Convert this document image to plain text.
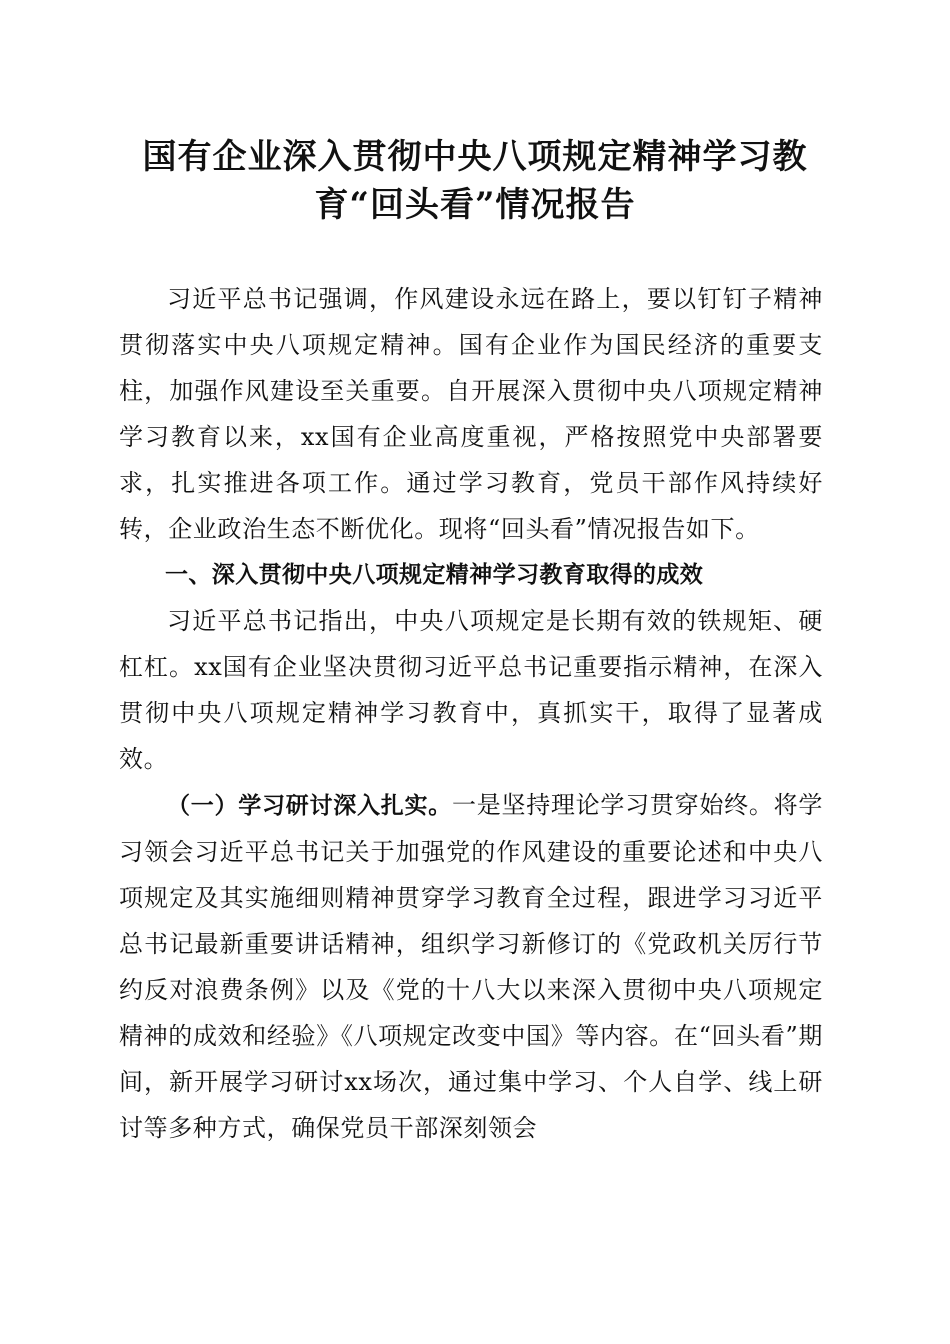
国有企业深入贯彻中央八项规定精神学习教
育“回头看”情况报告

习近平总书记强调，作风建设永远在路上，要以钉钉子精神贯彻落实中央八项规定精神。国有企业作为国民经济的重要支柱，加强作风建设至关重要。自开展深入贯彻中央八项规定精神学习教育以来，xx国有企业高度重视，严格按照党中央部署要求，扎实推进各项工作。通过学习教育，党员干部作风持续好转，企业政治生态不断优化。现将“回头看”情况报告如下。

一、深入贯彻中央八项规定精神学习教育取得的成效

习近平总书记指出，中央八项规定是长期有效的铁规矩、硬杠杠。xx国有企业坚决贯彻习近平总书记重要指示精神，在深入贯彻中央八项规定精神学习教育中，真抓实干，取得了显著成效。

（一）学习研讨深入扎实。一是坚持理论学习贯穿始终。将学习领会习近平总书记关于加强党的作风建设的重要论述和中央八项规定及其实施细则精神贯穿学习教育全过程，跟进学习习近平总书记最新重要讲话精神，组织学习新修订的《党政机关厉行节约反对浪费条例》以及《党的十八大以来深入贯彻中央八项规定精神的成效和经验》《八项规定改变中国》等内容。在“回头看”期间，新开展学习研讨xx场次，通过集中学习、个人自学、线上研讨等多种方式，确保党员干部深刻领会
